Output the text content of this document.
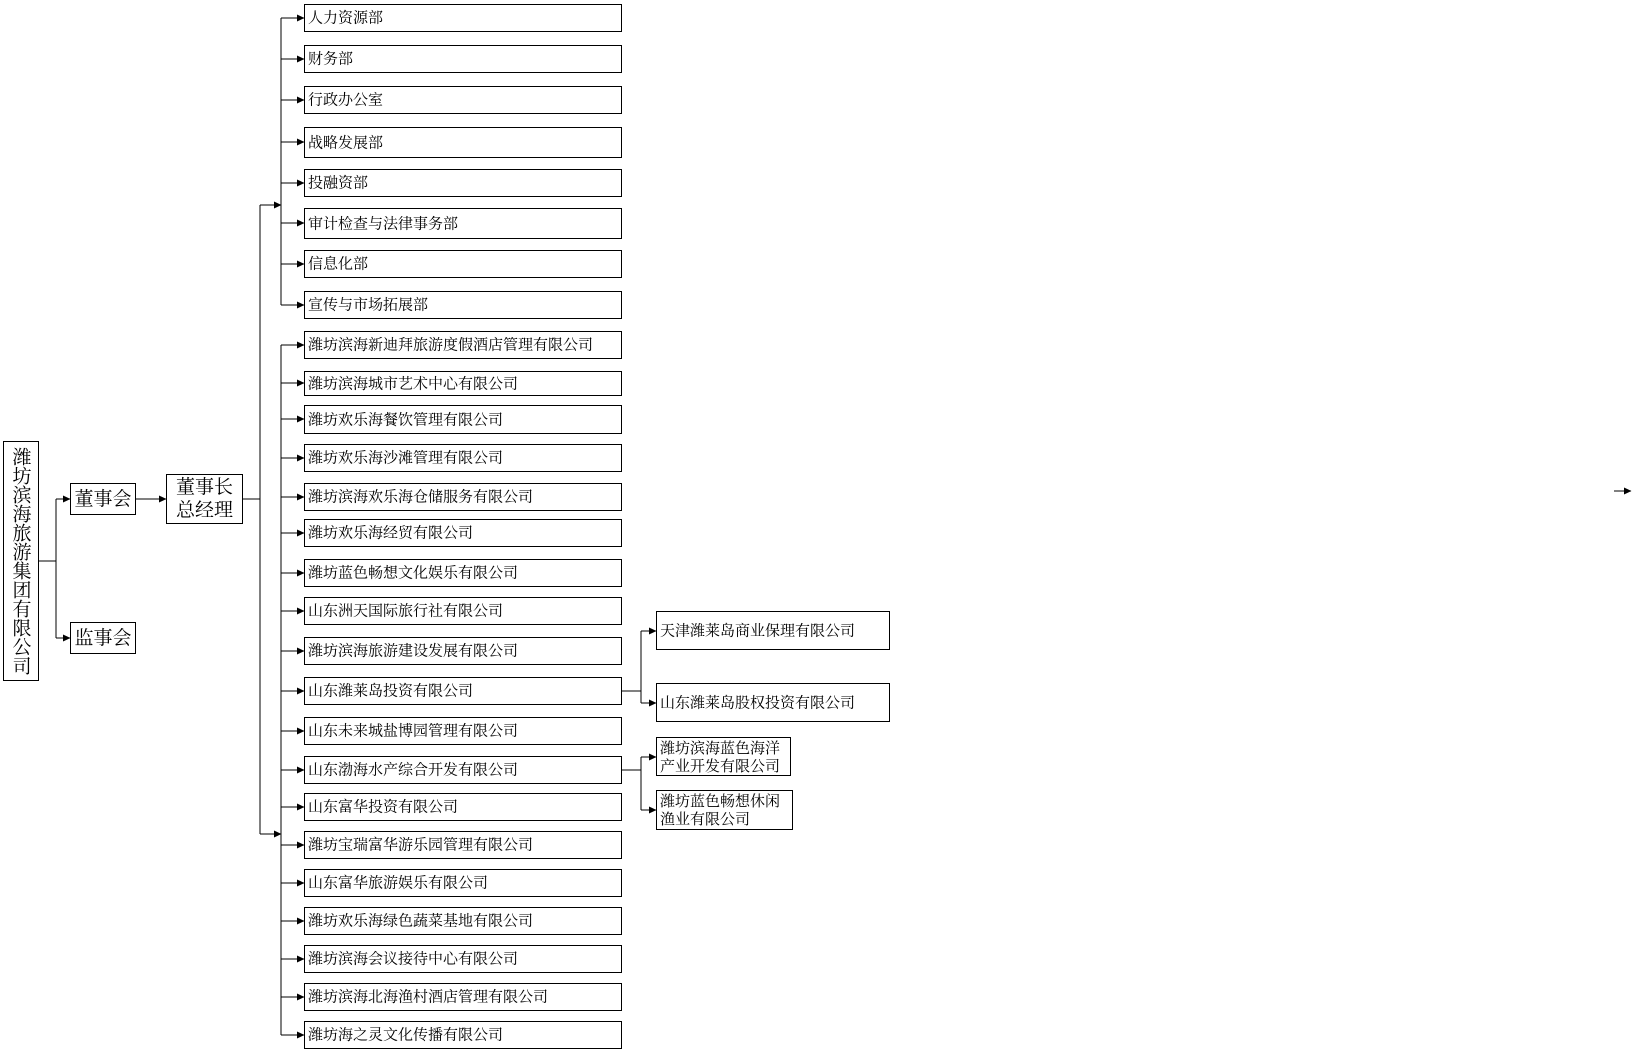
潍坊滨海旅游集团有限公司	董事会
监事会
董事长
总经理
人力资源部
财务部
行政办公室
战略发展部
投融资部
审计检查与法律事务部
信息化部
宣传与市场拓展部
潍坊滨海新迪拜旅游度假酒店管理有限公司
潍坊滨海城市艺术中心有限公司
潍坊欢乐海餐饮管理有限公司
潍坊欢乐海沙滩管理有限公司
潍坊滨海欢乐海仓储服务有限公司
潍坊欢乐海经贸有限公司
潍坊蓝色畅想文化娱乐有限公司
山东洲天国际旅行社有限公司
潍坊滨海旅游建设发展有限公司
山东潍莱岛投资有限公司
山东未来城盐博园管理有限公司
山东渤海水产综合开发有限公司
山东富华投资有限公司
潍坊宝瑞富华游乐园管理有限公司
山东富华旅游娱乐有限公司
潍坊欢乐海绿色蔬菜基地有限公司
潍坊滨海会议接待中心有限公司
潍坊滨海北海渔村酒店管理有限公司
潍坊海之灵文化传播有限公司
天津潍莱岛商业保理有限公司
山东潍莱岛股权投资有限公司
潍坊滨海蓝色海洋
产业开发有限公司
潍坊蓝色畅想休闲
渔业有限公司
